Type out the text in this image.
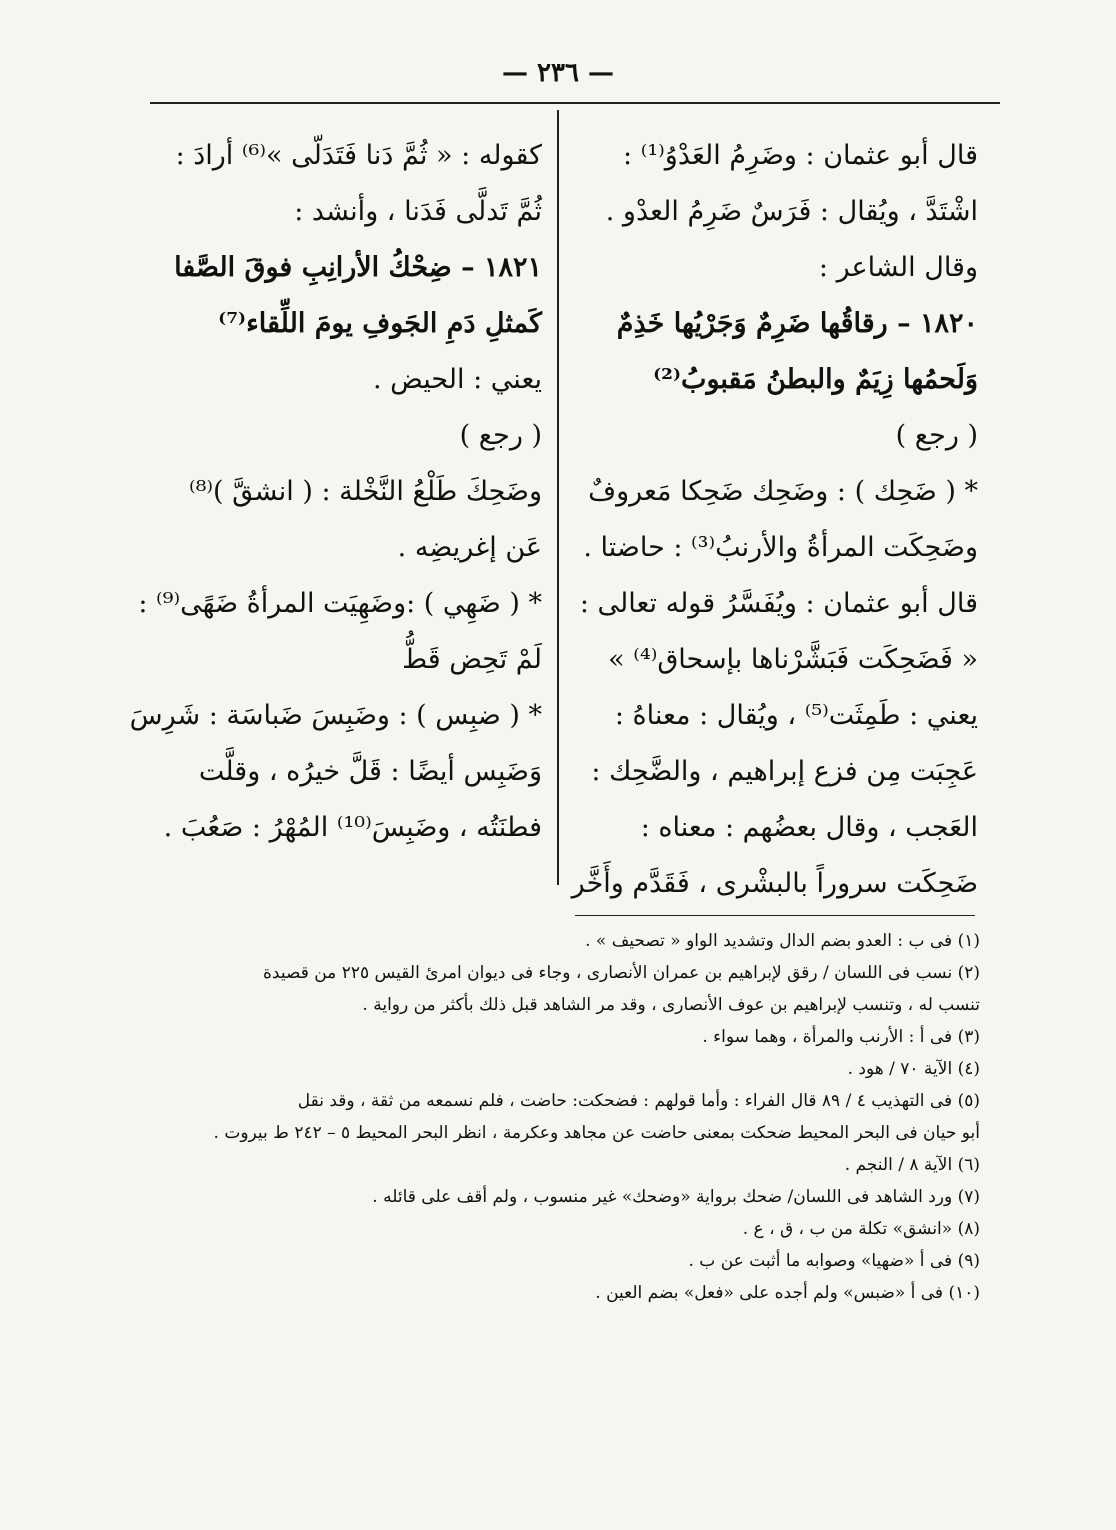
— ٢٣٦ —

قال أبو عثمان : وضَرِمُ العَدْوُ⁽¹⁾ :

اشْتَدَّ ، ويُقال : فَرَسٌ ضَرِمُ العدْو .

وقال الشاعر :

١٨٢٠ – رقاقُها ضَرِمٌ وَجَرْيُها خَذِمٌ

وَلَحمُها زِيَمٌ والبطنُ مَقبوبُ⁽²⁾

( رجع )

* ( ضَحِك ) : وضَحِك ضَحِكا مَعروفٌ

وضَحِكَت المرأةُ والأرنبُ⁽³⁾ : حاضتا .

قال أبو عثمان : ويُفَسَّرُ قوله تعالى :

« فَضَحِكَت فَبَشَّرْناها بإسحاق⁽⁴⁾ »

يعني : طَمِثَت⁽⁵⁾ ، ويُقال : معناهُ :

عَجِبَت مِن فزع إبراهيم ، والضَّحِك :

العَجب ، وقال بعضُهم : معناه :

ضَحِكَت سروراً بالبشْرى ، فَقَدَّم وأَخَّر

كقوله : « ثُمَّ دَنا فَتَدَلّى »⁽⁶⁾ أرادَ :

ثُمَّ تَدلَّى فَدَنا ، وأنشد :

١٨٢١ – ضِحْكُ الأرانِبِ فوقَ الصَّفا

كَمثلِ دَمِ الجَوفِ يومَ اللِّقاء⁽⁷⁾

يعني : الحيض .

( رجع )

وضَحِكَ طَلْعُ النَّخْلة : ( انشقَّ )⁽⁸⁾

عَن إغريضِه .

* ( ضَهِي ) :وضَهِيَت المرأةُ ضَهًى⁽⁹⁾ :

لَمْ تَحِض قَطُّ

* ( ضبِس ) : وضَبِسَ ضَباسَة : شَرِسَ

وَضَبِس أيضًا : قَلَّ خيرُه ، وقلَّت

فطنَتُه ، وضَبِسَ⁽¹⁰⁾ المُهْرُ : صَعُبَ .

(١) فى ب : العدو بضم الدال وتشديد الواو « تصحيف » .

(٢) نسب فى اللسان / رقق لإبراهيم بن عمران الأنصارى ، وجاء فى ديوان امرئ القيس ٢٢٥ من قصيدة

تنسب له ، وتنسب لإبراهيم بن عوف الأنصارى ، وقد مر الشاهد قبل ذلك بأكثر من رواية .

(٣) فى أ : الأرنب والمرأة ، وهما سواء .

(٤) الآية ٧٠ / هود .

(٥) فى التهذيب ٤ / ٨٩ قال الفراء : وأما قولهم : فضحكت: حاضت ، فلم نسمعه من ثقة ، وقد نقل

أبو حيان فى البحر المحيط ضحكت بمعنى حاضت عن مجاهد وعكرمة ، انظر البحر المحيط ٥ – ٢٤٢ ط بيروت .

(٦) الآية ٨ / النجم .

(٧) ورد الشاهد فى اللسان/ ضحك برواية «وضحك» غير منسوب ، ولم أقف على قائله .

(٨) «انشق» تكلة من ب ، ق ، ع .

(٩) فى أ «ضهيا» وصوابه ما أثبت عن ب .

(١٠) فى أ «ضبس» ولم أجده على «فعل» بضم العين .
